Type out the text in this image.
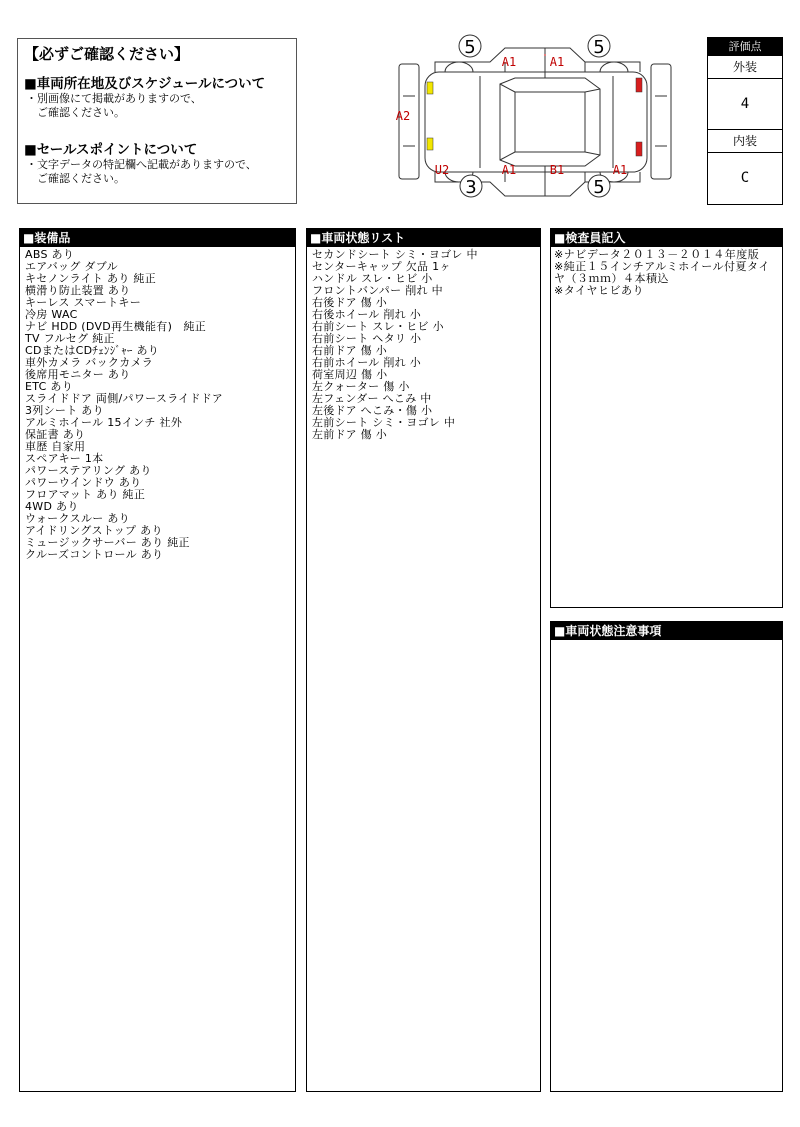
【必ずご確認ください】
■車両所在地及びスケジュールについて
・別画像にて掲載がありますので、
　ご確認ください。
■セールスポイントについて
・文字データの特記欄へ記載がありますので、
　ご確認ください。
5	5
3	5
A1	A1
A2
U2	A1	B1	A1
評価点
外装
4
内装
C
■装備品
ABS あり
エアバッグ ダブル
キセノンライト あり 純正
横滑り防止装置 あり
キーレス スマートキー
冷房 WAC
ナビ HDD (DVD再生機能有)　純正
TV フルセグ 純正
CDまたはCDﾁｪﾝｼﾞｬｰ あり
車外カメラ バックカメラ
後席用モニター あり
ETC あり
スライドドア 両側/パワースライドドア
3列シート あり
アルミホイール 15インチ 社外
保証書 あり
車歴 自家用
スペアキー 1本
パワーステアリング あり
パワーウインドウ あり
フロアマット あり 純正
4WD あり
ウォークスルー あり
アイドリングストップ あり
ミュージックサーバー あり 純正
クルーズコントロール あり
■車両状態リスト
セカンドシート シミ・ヨゴレ 中
センターキャップ 欠品 1ヶ
ハンドル スレ・ヒビ 小
フロントバンパー 削れ 中
右後ドア 傷 小
右後ホイール 削れ 小
右前シート スレ・ヒビ 小
右前シート ヘタリ 小
右前ドア 傷 小
右前ホイール 削れ 小
荷室周辺 傷 小
左クォーター 傷 小
左フェンダー へこみ 中
左後ドア へこみ・傷 小
左前シート シミ・ヨゴレ 中
左前ドア 傷 小
■検査員記入
※ナビデータ２０１３－２０１４年度版
※純正１５インチアルミホイール付夏タイ
ヤ（３ｍｍ）４本積込
※タイヤヒビあり
■車両状態注意事項
